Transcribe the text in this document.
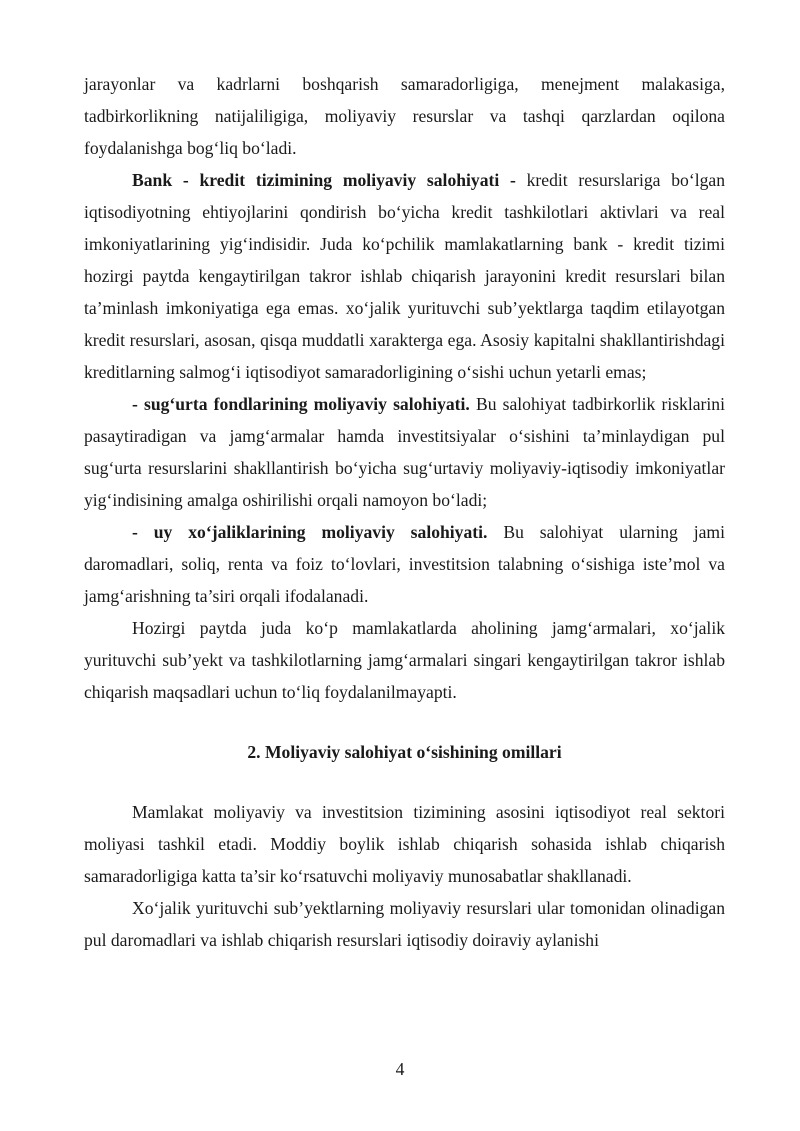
jarayonlar va kadrlarni boshqarish samaradorligiga, menejment malakasiga, tadbirkorlikning natijaliligiga, moliyaviy resurslar va tashqi qarzlardan oqilona foydalanishga bog‘liq bo‘ladi.

Bank - kredit tizimining moliyaviy salohiyati - kredit resurslariga bo‘lgan iqtisodiyotning ehtiyojlarini qondirish bo‘yicha kredit tashkilotlari aktivlari va real imkoniyatlarining yig‘indisidir. Juda ko‘pchilik mamlakatlarning bank - kredit tizimi hozirgi paytda kengaytirilgan takror ishlab chiqarish jarayonini kredit resurslari bilan ta’minlash imkoniyatiga ega emas. xo‘jalik yurituvchi sub’yektlarga taqdim etilayotgan kredit resurslari, asosan, qisqa muddatli xarakterga ega. Asosiy kapitalni shakllantirishdagi kreditlarning salmog‘i iqtisodiyot samaradorligining o‘sishi uchun yetarli emas;

- sug‘urta fondlarining moliyaviy salohiyati. Bu salohiyat tadbirkorlik risklarini pasaytiradigan va jamg‘armalar hamda investitsiyalar o‘sishini ta’minlaydigan pul sug‘urta resurslarini shakllantirish bo‘yicha sug‘urtaviy moliyaviy-iqtisodiy imkoniyatlar yig‘indisining amalga oshirilishi orqali namoyon bo‘ladi;

- uy xo‘jaliklarining moliyaviy salohiyati. Bu salohiyat ularning jami daromadlari, soliq, renta va foiz to‘lovlari, investitsion talabning o‘sishiga iste’mol va jamg‘arishning ta’siri orqali ifodalanadi.

Hozirgi paytda juda ko‘p mamlakatlarda aholining jamg‘armalari, xo‘jalik yurituvchi sub’yekt va tashkilotlarning jamg‘armalari singari kengaytirilgan takror ishlab chiqarish maqsadlari uchun to‘liq foydalanilmayapti.

2. Moliyaviy salohiyat o‘sishining omillari

Mamlakat moliyaviy va investitsion tizimining asosini iqtisodiyot real sektori moliyasi tashkil etadi. Moddiy boylik ishlab chiqarish sohasida ishlab chiqarish samaradorligiga katta ta’sir ko‘rsatuvchi moliyaviy munosabatlar shakllanadi.

Xo‘jalik yurituvchi sub’yektlarning moliyaviy resurslari ular tomonidan olinadigan pul daromadlari va ishlab chiqarish resurslari iqtisodiy doiraviy aylanishi

4
